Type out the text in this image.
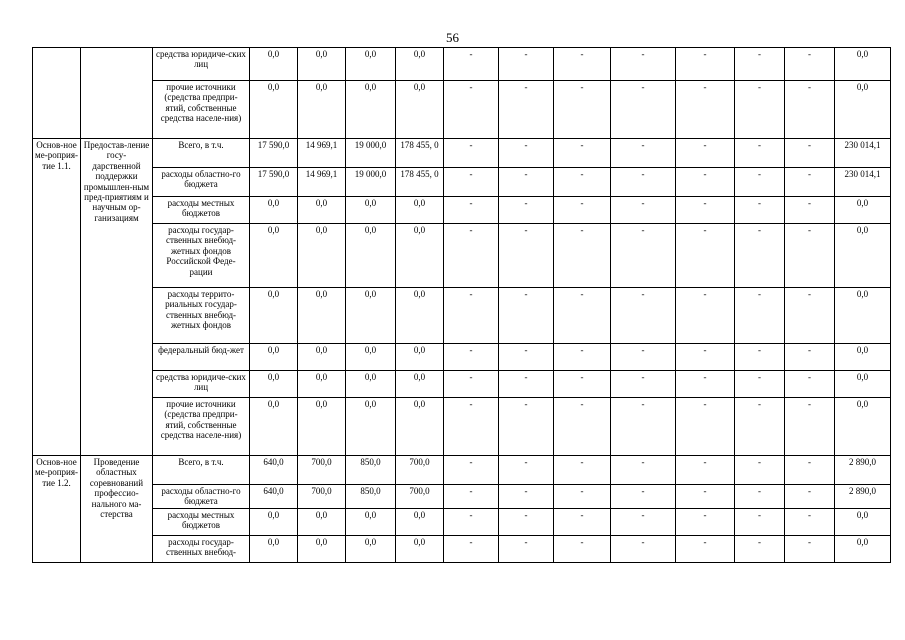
56
		средства юридиче-ских лиц	0,0	0,0	0,0	0,0	-	-	-	-	-	-	-	0,0
		прочие источники (средства предпри-ятий, собственные средства населе-ния)	0,0	0,0	0,0	0,0	-	-	-	-	-	-	-	0,0
Основ-ное ме-роприя-тие 1.1.	Предостав-ление госу-дарственной поддержки промышлен-ным пред-приятиям и научным ор-ганизациям	Всего, в т.ч.	17 590,0	14 969,1	19 000,0	178 455, 0	-	-	-	-	-	-	-	230 014,1
		расходы областно-го бюджета	17 590,0	14 969,1	19 000,0	178 455, 0	-	-	-	-	-	-	-	230 014,1
		расходы местных бюджетов	0,0	0,0	0,0	0,0	-	-	-	-	-	-	-	0,0
		расходы государ-ственных внебюд-жетных фондов Российской Феде-рации	0,0	0,0	0,0	0,0	-	-	-	-	-	-	-	0,0
		расходы террито-риальных государ-ственных внебюд-жетных фондов	0,0	0,0	0,0	0,0	-	-	-	-	-	-	-	0,0
		федеральный бюд-жет	0,0	0,0	0,0	0,0	-	-	-	-	-	-	-	0,0
		средства юридиче-ских лиц	0,0	0,0	0,0	0,0	-	-	-	-	-	-	-	0,0
		прочие источники (средства предпри-ятий, собственные средства населе-ния)	0,0	0,0	0,0	0,0	-	-	-	-	-	-	-	0,0
Основ-ное ме-роприя-тие 1.2.	Проведение областных соревнований профессио-нального ма-стерства	Всего, в т.ч.	640,0	700,0	850,0	700,0	-	-	-	-	-	-	-	2 890,0
		расходы областно-го бюджета	640,0	700,0	850,0	700,0	-	-	-	-	-	-	-	2 890,0
		расходы местных бюджетов	0,0	0,0	0,0	0,0	-	-	-	-	-	-	-	0,0
		расходы государ-ственных внебюд-	0,0	0,0	0,0	0,0	-	-	-	-	-	-	-	0,0
